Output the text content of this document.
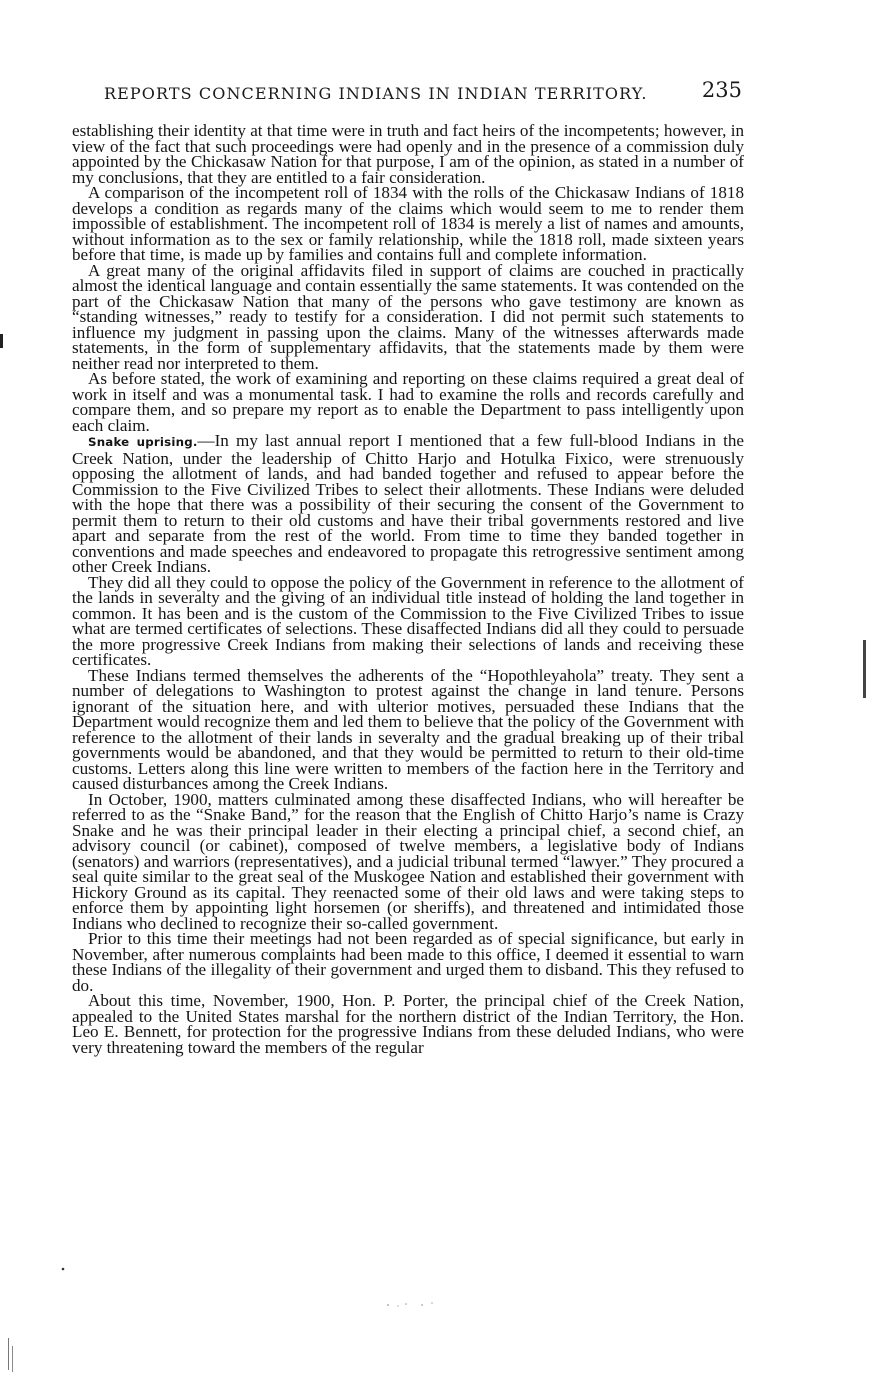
REPORTS CONCERNING INDIANS IN INDIAN TERRITORY.	235

establishing their identity at that time were in truth and fact heirs of the incompetents; however, in view of the fact that such proceedings were had openly and in the presence of a commission duly appointed by the Chickasaw Nation for that purpose, I am of the opinion, as stated in a number of my conclusions, that they are entitled to a fair consideration.

A comparison of the incompetent roll of 1834 with the rolls of the Chickasaw Indians of 1818 develops a condition as regards many of the claims which would seem to me to render them impossible of establishment. The incompetent roll of 1834 is merely a list of names and amounts, without information as to the sex or family relationship, while the 1818 roll, made sixteen years before that time, is made up by families and contains full and complete information.

A great many of the original affidavits filed in support of claims are couched in practically almost the identical language and contain essentially the same statements. It was contended on the part of the Chickasaw Nation that many of the persons who gave testimony are known as “standing witnesses,” ready to testify for a consideration. I did not permit such statements to influence my judgment in passing upon the claims. Many of the witnesses afterwards made statements, in the form of supplementary affidavits, that the statements made by them were neither read nor interpreted to them.

As before stated, the work of examining and reporting on these claims required a great deal of work in itself and was a monumental task. I had to examine the rolls and records carefully and compare them, and so prepare my report as to enable the Department to pass intelligently upon each claim.

Snake uprising.—In my last annual report I mentioned that a few full-blood Indians in the Creek Nation, under the leadership of Chitto Harjo and Hotulka Fixico, were strenuously opposing the allotment of lands, and had banded together and refused to appear before the Commission to the Five Civilized Tribes to select their allotments. These Indians were deluded with the hope that there was a possibility of their securing the consent of the Government to permit them to return to their old customs and have their tribal governments restored and live apart and separate from the rest of the world. From time to time they banded together in conventions and made speeches and endeavored to propagate this retrogressive sentiment among other Creek Indians.

They did all they could to oppose the policy of the Government in reference to the allotment of the lands in severalty and the giving of an individual title instead of holding the land together in common. It has been and is the custom of the Commission to the Five Civilized Tribes to issue what are termed certificates of selections. These disaffected Indians did all they could to persuade the more progressive Creek Indians from making their selections of lands and receiving these certificates.

These Indians termed themselves the adherents of the “Hopothleyahola” treaty. They sent a number of delegations to Washington to protest against the change in land tenure. Persons ignorant of the situation here, and with ulterior motives, persuaded these Indians that the Department would recognize them and led them to believe that the policy of the Government with reference to the allotment of their lands in severalty and the gradual breaking up of their tribal governments would be abandoned, and that they would be permitted to return to their old-time customs. Letters along this line were written to members of the faction here in the Territory and caused disturbances among the Creek Indians.

In October, 1900, matters culminated among these disaffected Indians, who will hereafter be referred to as the “Snake Band,” for the reason that the English of Chitto Harjo’s name is Crazy Snake and he was their principal leader in their electing a principal chief, a second chief, an advisory council (or cabinet), composed of twelve members, a legislative body of Indians (senators) and warriors (representatives), and a judicial tribunal termed “lawyer.” They procured a seal quite similar to the great seal of the Muskogee Nation and established their government with Hickory Ground as its capital. They reenacted some of their old laws and were taking steps to enforce them by appointing light horsemen (or sheriffs), and threatened and intimidated those Indians who declined to recognize their so-called government.

Prior to this time their meetings had not been regarded as of special significance, but early in November, after numerous complaints had been made to this office, I deemed it essential to warn these Indians of the illegality of their government and urged them to disband. This they refused to do.

About this time, November, 1900, Hon. P. Porter, the principal chief of the Creek Nation, appealed to the United States marshal for the northern district of the Indian Territory, the Hon. Leo E. Bennett, for protection for the progressive Indians from these deluded Indians, who were very threatening toward the members of the regular
